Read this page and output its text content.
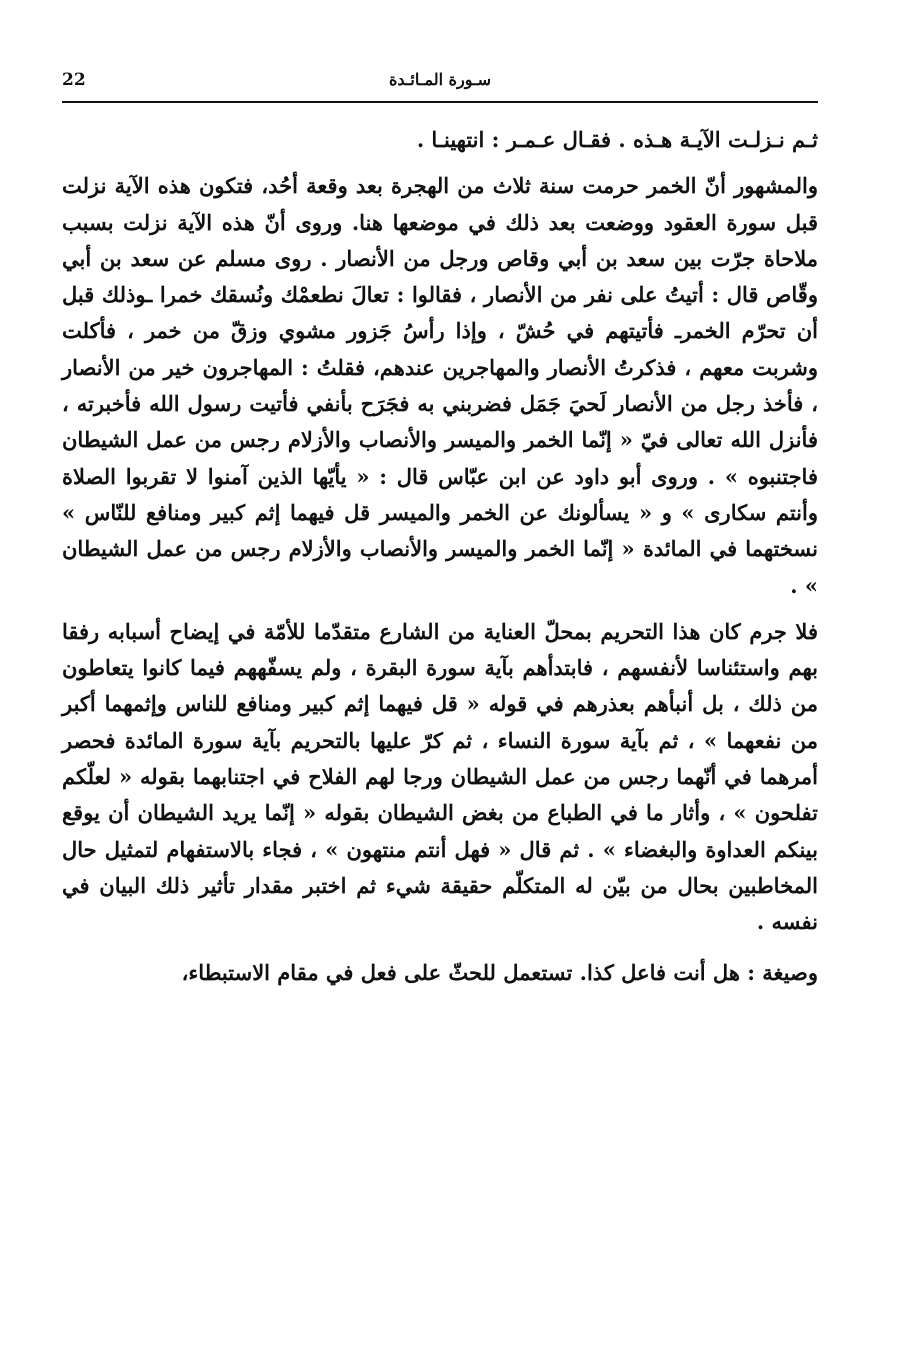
22	سـورة المـائـدة

ثـم نـزلـت الآيـة هـذه . فقـال عـمـر : انتهينـا .

والمشهور أنّ الخمر حرمت سنة ثلاث من الهجرة بعد وقعة أحُد، فتكون هذه الآية نزلت قبل سورة العقود ووضعت بعد ذلك في موضعها هنا. وروى أنّ هذه الآية نزلت بسبب ملاحاة جرّت بين سعد بن أبي وقاص ورجل من الأنصار . روى مسلم عن سعد بن أبي وقّاص قال : أتيتُ على نفر من الأنصار ، فقالوا : تعالَ نطعمْك ونُسقك خمرا ـوذلك قبل أن تحرّم الخمرـ فأتيتهم في حُشّ ، وإذا رأسُ جَزور مشوي وزقّ من خمر ، فأكلت وشربت معهم ، فذكرتُ الأنصار والمهاجرين عندهم، فقلتُ : المهاجرون خير من الأنصار ، فأخذ رجل من الأنصار لَحيَ جَمَل فضربني به فجَرَح بأنفي فأتيت رسول الله فأخبرته ، فأنزل الله تعالى فيّ « إنّما الخمر والميسر والأنصاب والأزلام رجس من عمل الشيطان فاجتنبوه » . وروى أبو داود عن ابن عبّاس قال : « يأيّها الذين آمنوا لا تقربوا الصلاة وأنتم سكارى » و « يسألونك عن الخمر والميسر قل فيهما إثم كبير ومنافع للنّاس » نسختهما في المائدة « إنّما الخمر والميسر والأنصاب والأزلام رجس من عمل الشيطان » .

فلا جرم كان هذا التحريم بمحلّ العناية من الشارع متقدّما للأمّة في إيضاح أسبابه رفقا بهم واستئناسا لأنفسهم ، فابتدأهم بآية سورة البقرة ، ولم يسفّههم فيما كانوا يتعاطون من ذلك ، بل أنبأهم بعذرهم في قوله « قل فيهما إثم كبير ومنافع للناس وإثمهما أكبر من نفعهما » ، ثم بآية سورة النساء ، ثم كرّ عليها بالتحريم بآية سورة المائدة فحصر أمرهما في أنّهما رجس من عمل الشيطان ورجا لهم الفلاح في اجتنابهما بقوله « لعلّكم تفلحون » ، وأثار ما في الطباع من بغض الشيطان بقوله « إنّما يريد الشيطان أن يوقع بينكم العداوة والبغضاء » . ثم قال « فهل أنتم منتهون » ، فجاء بالاستفهام لتمثيل حال المخاطبين بحال من بيّن له المتكلّم حقيقة شيء ثم اختبر مقدار تأثير ذلك البيان في نفسه .

وصيغة : هل أنت فاعل كذا. تستعمل للحثّ على فعل في مقام الاستبطاء،
